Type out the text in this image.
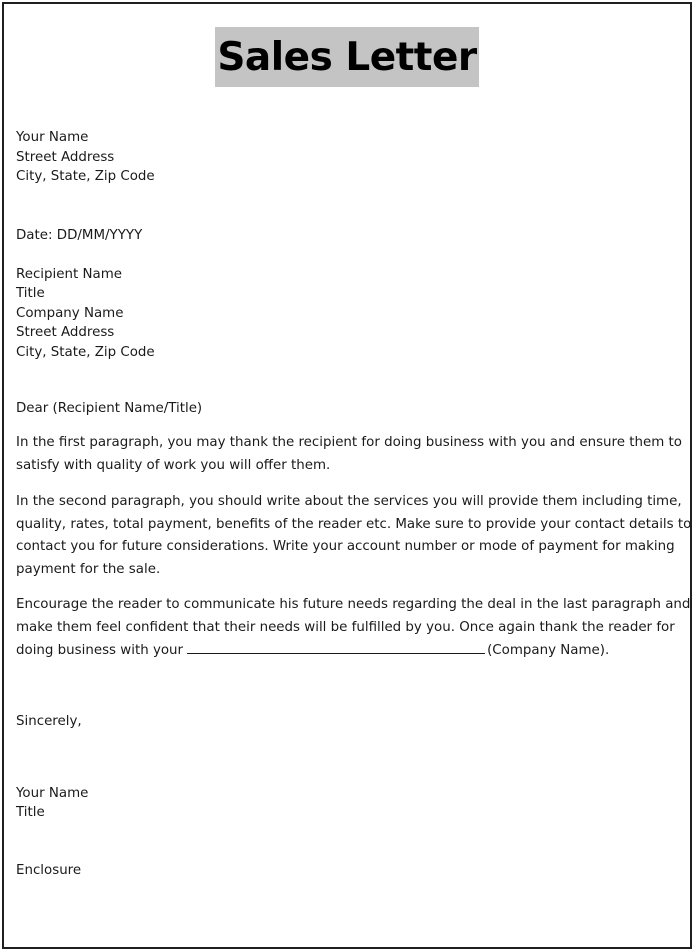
Sales Letter

Your Name

Street Address

City, State, Zip Code

Date: DD/MM/YYYY

Recipient Name

Title

Company Name

Street Address

City, State, Zip Code

Dear (Recipient Name/Title)

In the first paragraph, you may thank the recipient for doing business with you and ensure them to
satisfy with quality of work you will offer them.
In the second paragraph, you should write about the services you will provide them including time,
quality, rates, total payment, benefits of the reader etc. Make sure to provide your contact details to
contact you for future considerations. Write your account number or mode of payment for making
payment for the sale.
Encourage the reader to communicate his future needs regarding the deal in the last paragraph and
make them feel confident that their needs will be fulfilled by you. Once again thank the reader for
doing business with your	(Company Name).

Sincerely,

Your Name

Title

Enclosure
